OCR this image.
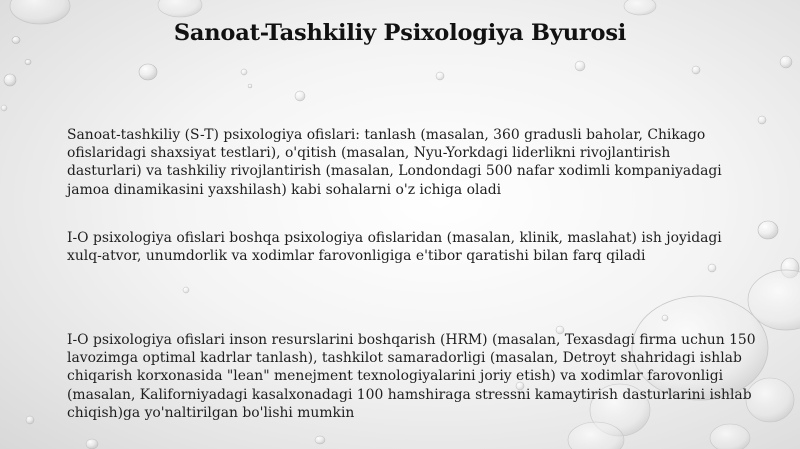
Sanoat-Tashkiliy Psixologiya Byurosi

Sanoat-tashkiliy (S-T) psixologiya ofislari: tanlash (masalan, 360 gradusli baholar, Chikago
ofislaridagi shaxsiyat testlari), o'qitish (masalan, Nyu-Yorkdagi liderlikni rivojlantirish
dasturlari) va tashkiliy rivojlantirish (masalan, Londondagi 500 nafar xodimli kompaniyadagi
jamoa dinamikasini yaxshilash) kabi sohalarni o'z ichiga oladi

I-O psixologiya ofislari boshqa psixologiya ofislaridan (masalan, klinik, maslahat) ish joyidagi
xulq-atvor, unumdorlik va xodimlar farovonligiga e'tibor qaratishi bilan farq qiladi

I-O psixologiya ofislari inson resurslarini boshqarish (HRM) (masalan, Texasdagi firma uchun 150
lavozimga optimal kadrlar tanlash), tashkilot samaradorligi (masalan, Detroyt shahridagi ishlab
chiqarish korxonasida "lean" menejment texnologiyalarini joriy etish) va xodimlar farovonligi
(masalan, Kaliforniyadagi kasalxonadagi 100 hamshiraga stressni kamaytirish dasturlarini ishlab
chiqish)ga yo'naltirilgan bo'lishi mumkin
